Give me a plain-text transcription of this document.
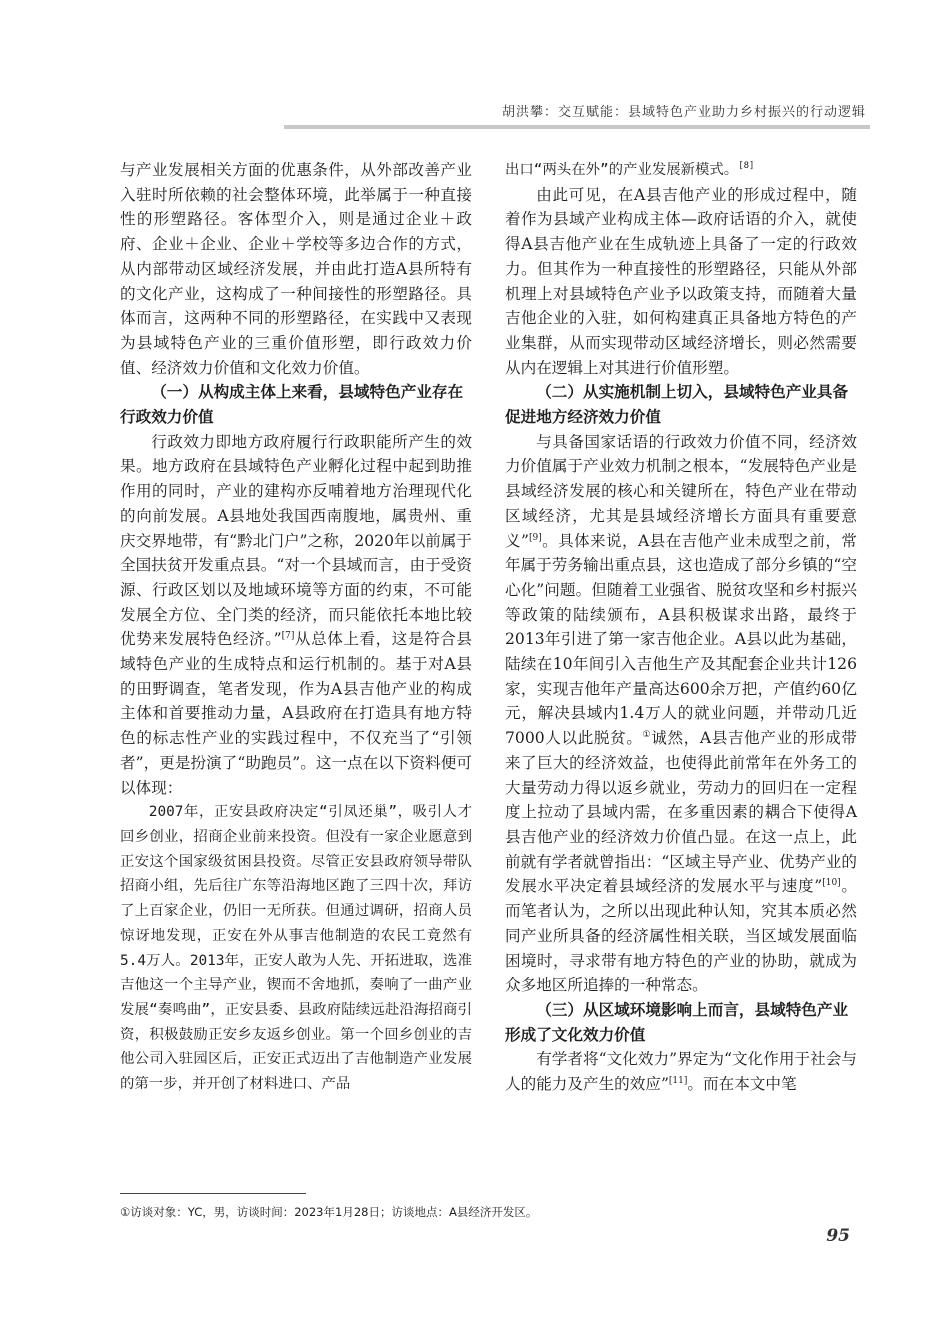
胡洪攀：交互赋能：县域特色产业助力乡村振兴的行动逻辑

与产业发展相关方面的优惠条件，从外部改善产业入驻时所依赖的社会整体环境，此举属于一种直接性的形塑路径。客体型介入，则是通过企业＋政府、企业＋企业、企业＋学校等多边合作的方式，从内部带动区域经济发展，并由此打造A县所特有的文化产业，这构成了一种间接性的形塑路径。具体而言，这两种不同的形塑路径，在实践中又表现为县域特色产业的三重价值形塑，即行政效力价值、经济效力价值和文化效力价值。

（一）从构成主体上来看，县域特色产业存在行政效力价值

行政效力即地方政府履行行政职能所产生的效果。地方政府在县域特色产业孵化过程中起到助推作用的同时，产业的建构亦反哺着地方治理现代化的向前发展。A县地处我国西南腹地，属贵州、重庆交界地带，有“黔北门户”之称，2020年以前属于全国扶贫开发重点县。“对一个县域而言，由于受资源、行政区划以及地域环境等方面的约束，不可能发展全方位、全门类的经济，而只能依托本地比较优势来发展特色经济。”[7]从总体上看，这是符合县域特色产业的生成特点和运行机制的。基于对A县的田野调查，笔者发现，作为A县吉他产业的构成主体和首要推动力量，A县政府在打造具有地方特色的标志性产业的实践过程中，不仅充当了“引领者”，更是扮演了“助跑员”。这一点在以下资料便可以体现：

2007年，正安县政府决定“引凤还巢”，吸引人才回乡创业，招商企业前来投资。但没有一家企业愿意到正安这个国家级贫困县投资。尽管正安县政府领导带队招商小组，先后往广东等沿海地区跑了三四十次，拜访了上百家企业，仍旧一无所获。但通过调研，招商人员惊讶地发现，正安在外从事吉他制造的农民工竟然有5.4万人。2013年，正安人敢为人先、开拓进取，选准吉他这一个主导产业，锲而不舍地抓，奏响了一曲产业发展“奏鸣曲”，正安县委、县政府陆续远赴沿海招商引资，积极鼓励正安乡友返乡创业。第一个回乡创业的吉他公司入驻园区后，正安正式迈出了吉他制造产业发展的第一步，并开创了材料进口、产品

出口“两头在外”的产业发展新模式。[8]

由此可见，在A县吉他产业的形成过程中，随着作为县域产业构成主体—政府话语的介入，就使得A县吉他产业在生成轨迹上具备了一定的行政效力。但其作为一种直接性的形塑路径，只能从外部机理上对县域特色产业予以政策支持，而随着大量吉他企业的入驻，如何构建真正具备地方特色的产业集群，从而实现带动区域经济增长，则必然需要从内在逻辑上对其进行价值形塑。

（二）从实施机制上切入，县域特色产业具备促进地方经济效力价值

与具备国家话语的行政效力价值不同，经济效力价值属于产业效力机制之根本，“发展特色产业是县域经济发展的核心和关键所在，特色产业在带动区域经济，尤其是县域经济增长方面具有重要意义”[9]。具体来说，A县在吉他产业未成型之前，常年属于劳务输出重点县，这也造成了部分乡镇的“空心化”问题。但随着工业强省、脱贫攻坚和乡村振兴等政策的陆续颁布，A县积极谋求出路，最终于2013年引进了第一家吉他企业。A县以此为基础，陆续在10年间引入吉他生产及其配套企业共计126家，实现吉他年产量高达600余万把，产值约60亿元，解决县域内1.4万人的就业问题，并带动几近7000人以此脱贫。①诚然，A县吉他产业的形成带来了巨大的经济效益，也使得此前常年在外务工的大量劳动力得以返乡就业，劳动力的回归在一定程度上拉动了县域内需，在多重因素的耦合下使得A县吉他产业的经济效力价值凸显。在这一点上，此前就有学者就曾指出：“区域主导产业、优势产业的发展水平决定着县域经济的发展水平与速度”[10]。而笔者认为，之所以出现此种认知，究其本质必然同产业所具备的经济属性相关联，当区域发展面临困境时，寻求带有地方特色的产业的协助，就成为众多地区所追捧的一种常态。

（三）从区域环境影响上而言，县域特色产业形成了文化效力价值

有学者将“文化效力”界定为“文化作用于社会与人的能力及产生的效应”[11]。而在本文中笔

①访谈对象：YC，男，访谈时间：2023年1月28日；访谈地点：A县经济开发区。
95
